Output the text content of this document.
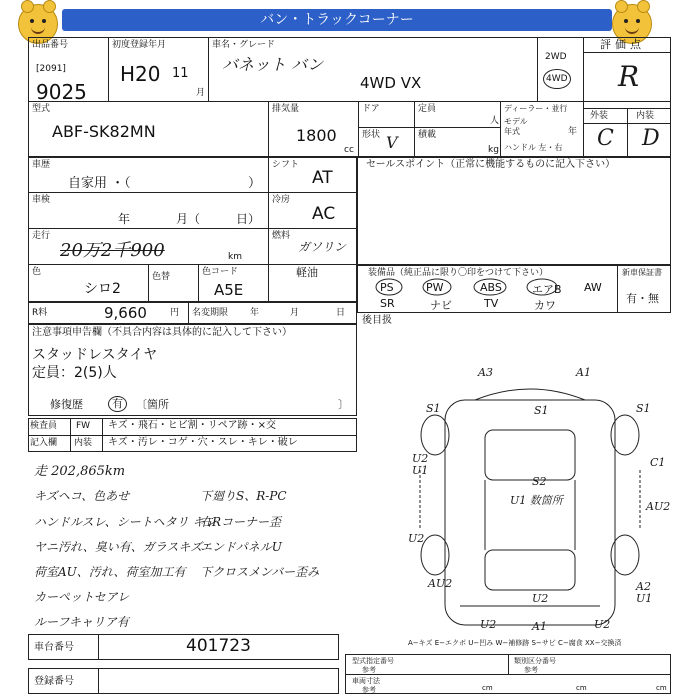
バン・トラックコーナー
出品番号
[2091]
9025
初度登録年月
H20 11
月
車名・グレード
バネット バン
4WD VX
2WD
4WD
評価点
R
外装	内装
C D
型式
ABF-SK82MN
排気量
1800
cc
ドア	定員
人
形状 V 積載
kg
ディーラー・並行
モデル年式	年
ハンドル 左・右
車歴
自家用 ・（	）
シフト
AT
車検
年	月（	日）
冷房
AC
走行
20万2千900	km
燃料
ガソリン
軽油
色
シロ2
色替	色コード
A5E
セールスポイント（正常に機能するものに記入下さい）
装備品（純正品に限り〇印をつけて下さい）	新車保証書
有・無
PS	PW	ABS	エアB AW
SR	ナビ	TV	カワ
R料	9,660	円 名変期限 年	月	日
後目扱
注意事項申告欄（不具合内容は具体的に記入して下さい）
スタッドレスタイヤ
定員：2(5)人
修復歴	有	〔箇所	〕
検査員
記入欄
FW
内装
キズ・飛石・ヒビ割・リペア跡・×交
キズ・汚レ・コゲ・穴・スレ・キレ・破レ
走 202,865km
キズヘコ、色あせ
ハンドルスレ、シートヘタリ キレ
ヤニ汚れ、臭い有、ガラスキズ
荷室AU、汚れ、荷室加工有
カーペットセアレ
ルーフキャリア有
下廻りS、R-PC
右Rコーナー歪
エンドパネルU
下クロスメンバー歪み
A3	A1
S1	S1	S1
U2
U1
C1
S2
U1 数箇所	AU2
U2
AU2	A2
U1
U2
U2	A1	U2
A−キズ E−エクボ U−凹み W−補修跡 S−サビ C−腐食 XX−交換済
車台番号	401723
登録番号
型式指定番号
参考
類別区分番号
参考
車両寸法
参考	cm	cm	cm
